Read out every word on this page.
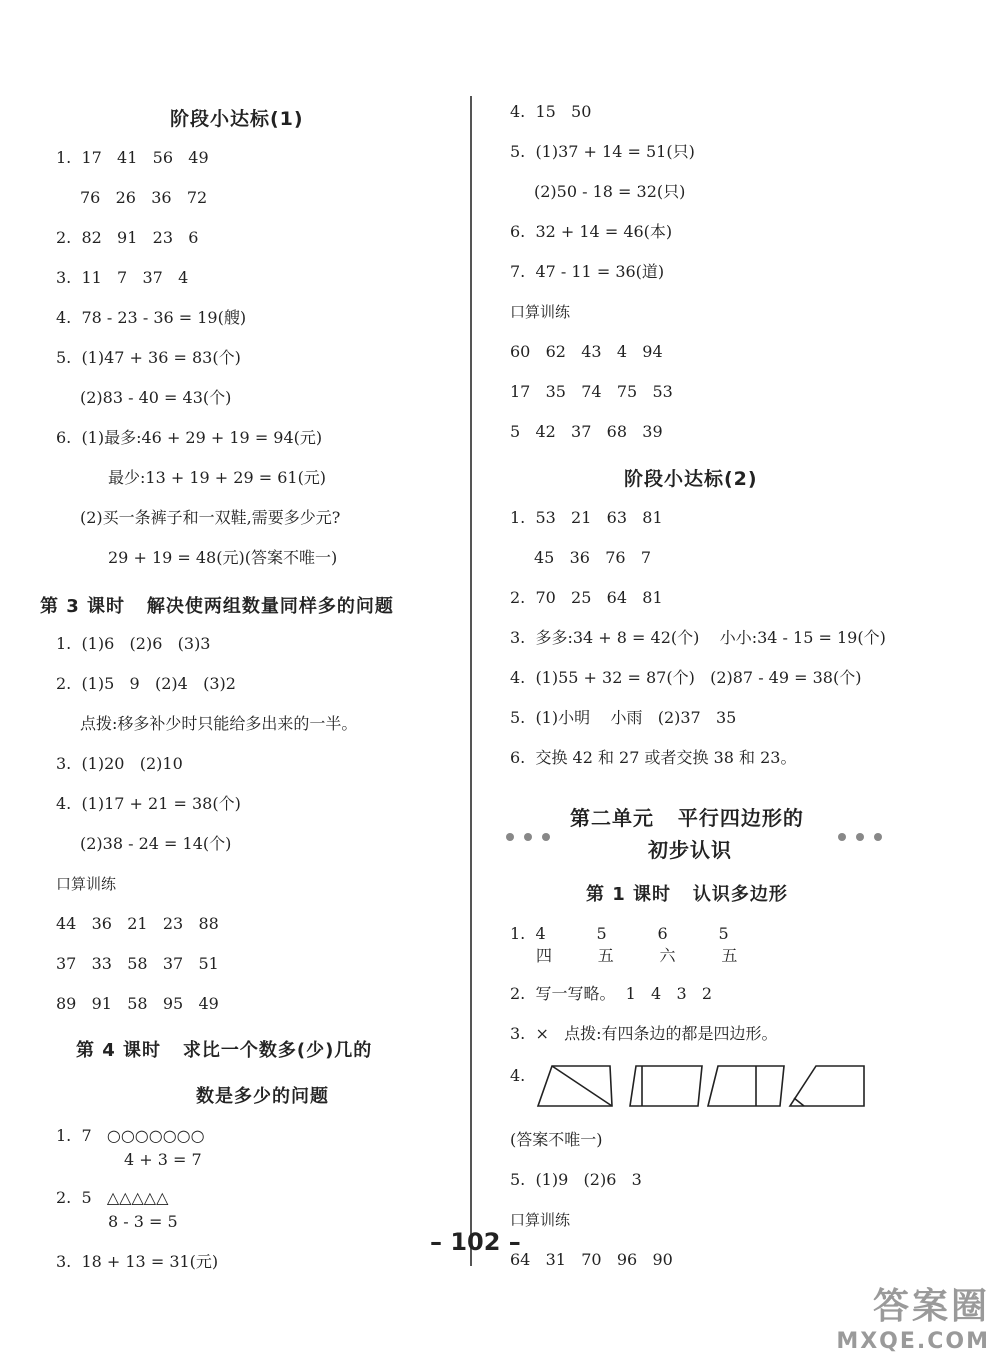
阶段小达标(1)
1.  17   41   56   49
76   26   36   72
2.  82   91   23   6
3.  11   7   37   4
4.  78 - 23 - 36 = 19(艘)
5.  (1)47 + 36 = 83(个)
(2)83 - 40 = 43(个)
6.  (1)最多:46 + 29 + 19 = 94(元)
最少:13 + 19 + 29 = 61(元)
(2)买一条裤子和一双鞋,需要多少元?
29 + 19 = 48(元)(答案不唯一)
第 3 课时   解决使两组数量同样多的问题
1.  (1)6   (2)6   (3)3
2.  (1)5   9   (2)4   (3)2
点拨:移多补少时只能给多出来的一半。
3.  (1)20   (2)10
4.  (1)17 + 21 = 38(个)
(2)38 - 24 = 14(个)
口算训练
44   36   21   23   88
37   33   58   37   51
89   91   58   95   49
第 4 课时   求比一个数多(少)几的
数是多少的问题
1.  7   ○○○○○○○
4 + 3 = 7
2.  5   △△△△△
8 - 3 = 5
3.  18 + 13 = 31(元)
4.  15   50
5.  (1)37 + 14 = 51(只)
(2)50 - 18 = 32(只)
6.  32 + 14 = 46(本)
7.  47 - 11 = 36(道)
口算训练
60   62   43   4   94
17   35   74   75   53
5   42   37   68   39
阶段小达标(2)
1.  53   21   63   81
45   36   76   7
2.  70   25   64   81
3.  多多:34 + 8 = 42(个)    小小:34 - 15 = 19(个)
4.  (1)55 + 32 = 87(个)   (2)87 - 49 = 38(个)
5.  (1)小明    小雨   (2)37   35
6.  交换 42 和 27 或者交换 38 和 23。
第二单元   平行四边形的
初步认识
第 1 课时   认识多边形
1.  4          5          6          5
四         五         六         五
2.  写一写略。  1   4   3   2
3.  ×   点拨:有四条边的都是四边形。
4.
(答案不唯一)
5.  (1)9   (2)6   3
口算训练
64   31   70   96   90
– 102 –
答案圈
MXQE.COM
